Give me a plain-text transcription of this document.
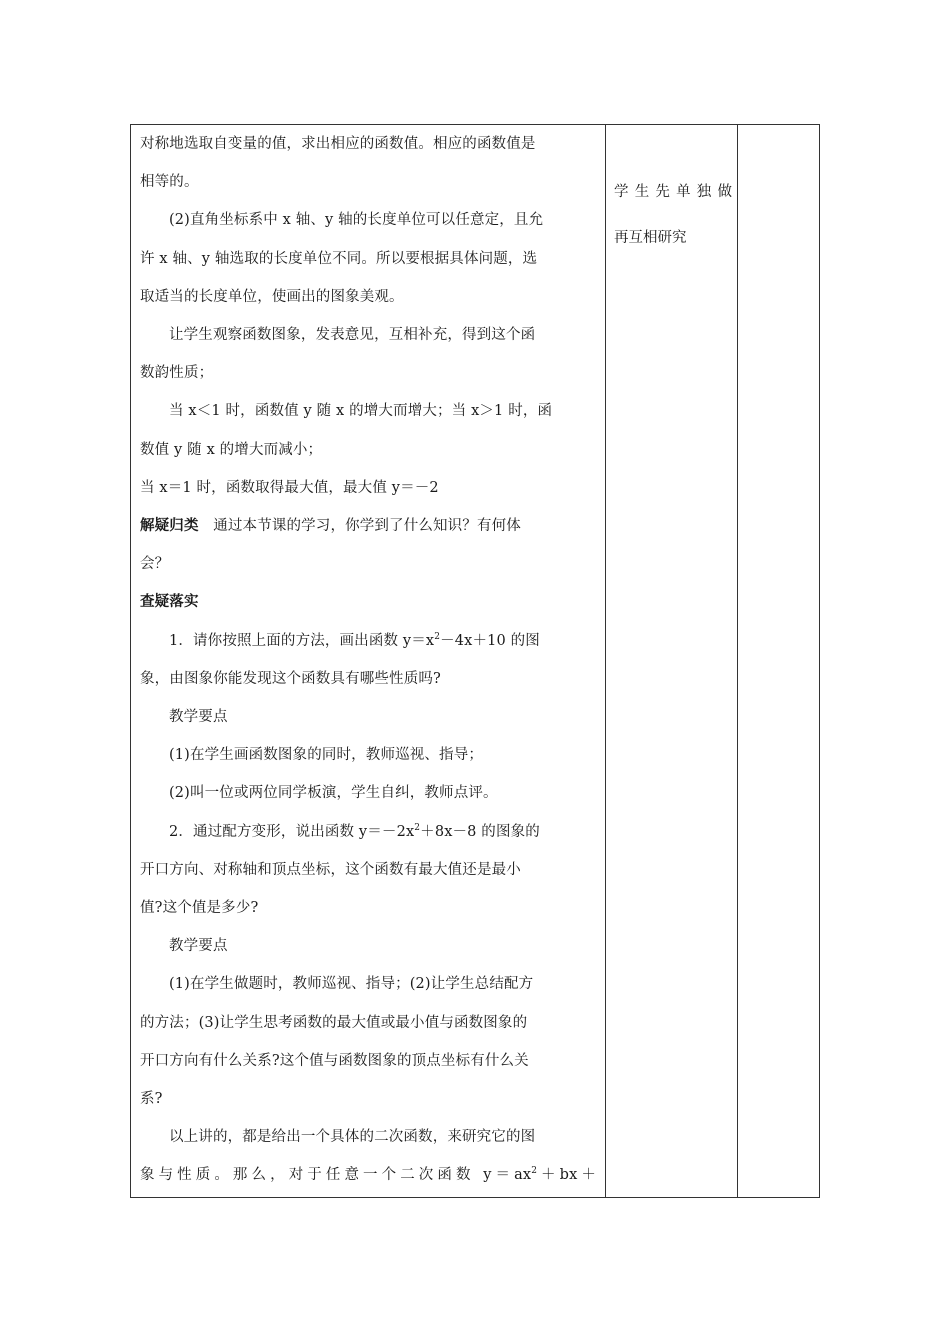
对称地选取自变量的值，求出相应的函数值。相应的函数值是

相等的。

(2)直角坐标系中 x 轴、y 轴的长度单位可以任意定，且允

许 x 轴、y 轴选取的长度单位不同。所以要根据具体问题，选

取适当的长度单位，使画出的图象美观。

让学生观察函数图象，发表意见，互相补充，得到这个函

数韵性质；

当 x＜1 时，函数值 y 随 x 的增大而增大；当 x＞1 时，函

数值 y 随 x 的增大而减小；

当 x＝1 时，函数取得最大值，最大值 y＝－2

解疑归类　通过本节课的学习，你学到了什么知识？有何体

会？

查疑落实

1．请你按照上面的方法，画出函数 $y=x^2-4x+10$ 的图

象，由图象你能发现这个函数具有哪些性质吗?

教学要点

(1)在学生画函数图象的同时，教师巡视、指导；

(2)叫一位或两位同学板演，学生自纠，教师点评。

2．通过配方变形，说出函数 $y=-2x^2+8x-8$ 的图象的

开口方向、对称轴和顶点坐标，这个函数有最大值还是最小

值?这个值是多少?

教学要点

(1)在学生做题时，教师巡视、指导；(2)让学生总结配方

的方法；(3)让学生思考函数的最大值或最小值与函数图象的

开口方向有什么关系?这个值与函数图象的顶点坐标有什么关

系?

以上讲的，都是给出一个具体的二次函数，来研究它的图

象与性质。那么，对于任意一个二次函数 $y=ax^2+bx+$

学生先单独做

再互相研究
